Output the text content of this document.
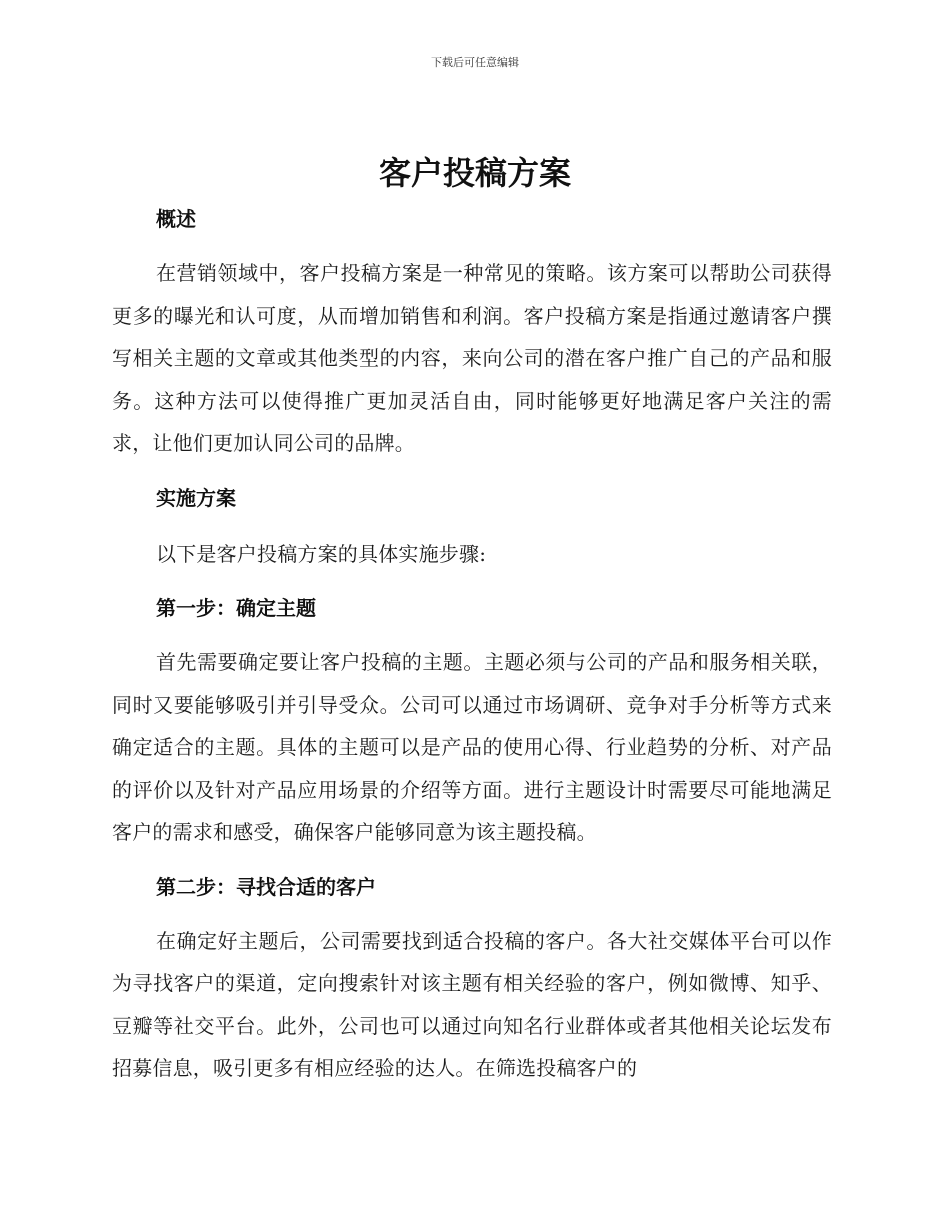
下载后可任意编辑
客户投稿方案

概述

在营销领域中，客户投稿方案是一种常见的策略。该方案可以帮助公司获得更多的曝光和认可度，从而增加销售和利润。客户投稿方案是指通过邀请客户撰写相关主题的文章或其他类型的内容，来向公司的潜在客户推广自己的产品和服务。这种方法可以使得推广更加灵活自由，同时能够更好地满足客户关注的需求，让他们更加认同公司的品牌。

实施方案

以下是客户投稿方案的具体实施步骤:

第一步：确定主题

首先需要确定要让客户投稿的主题。主题必须与公司的产品和服务相关联，同时又要能够吸引并引导受众。公司可以通过市场调研、竞争对手分析等方式来确定适合的主题。具体的主题可以是产品的使用心得、行业趋势的分析、对产品的评价以及针对产品应用场景的介绍等方面。进行主题设计时需要尽可能地满足客户的需求和感受，确保客户能够同意为该主题投稿。

第二步：寻找合适的客户

在确定好主题后，公司需要找到适合投稿的客户。各大社交媒体平台可以作为寻找客户的渠道，定向搜索针对该主题有相关经验的客户，例如微博、知乎、豆瓣等社交平台。此外，公司也可以通过向知名行业群体或者其他相关论坛发布招募信息，吸引更多有相应经验的达人。在筛选投稿客户的
